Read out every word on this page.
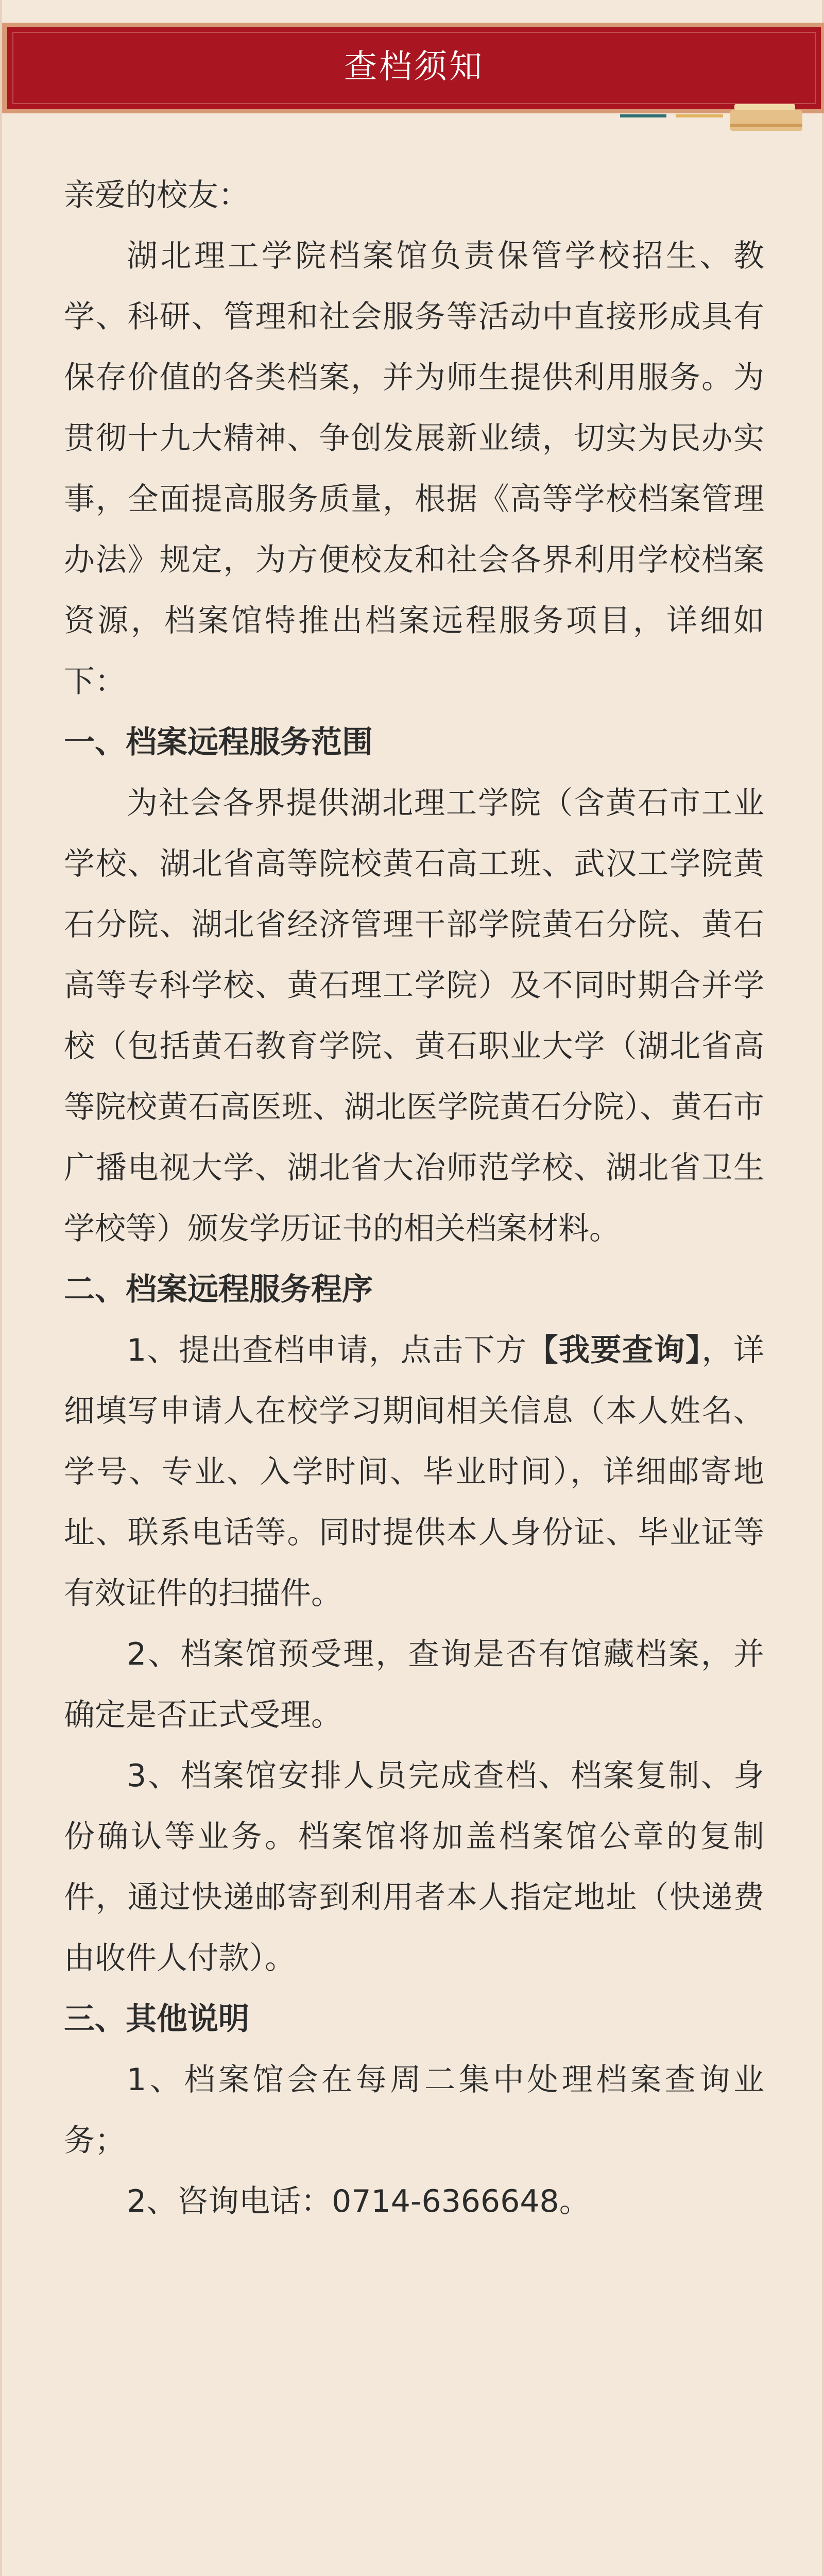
查档须知

亲爱的校友：

湖北理工学院档案馆负责保管学校招生、教学、科研、管理和社会服务等活动中直接形成具有保存价值的各类档案，并为师生提供利用服务。为贯彻十九大精神、争创发展新业绩，切实为民办实事，全面提高服务质量，根据《高等学校档案管理办法》规定，为方便校友和社会各界利用学校档案资源，档案馆特推出档案远程服务项目，详细如下：

一、档案远程服务范围

为社会各界提供湖北理工学院（含黄石市工业学校、湖北省高等院校黄石高工班、武汉工学院黄石分院、湖北省经济管理干部学院黄石分院、黄石高等专科学校、黄石理工学院）及不同时期合并学校（包括黄石教育学院、黄石职业大学（湖北省高等院校黄石高医班、湖北医学院黄石分院）、黄石市广播电视大学、湖北省大冶师范学校、湖北省卫生学校等）颁发学历证书的相关档案材料。

二、档案远程服务程序

1、提出查档申请，点击下方【我要查询】，详细填写申请人在校学习期间相关信息（本人姓名、学号、专业、入学时间、毕业时间），详细邮寄地址、联系电话等。同时提供本人身份证、毕业证等有效证件的扫描件。

2、档案馆预受理，查询是否有馆藏档案，并确定是否正式受理。

3、档案馆安排人员完成查档、档案复制、身份确认等业务。档案馆将加盖档案馆公章的复制件，通过快递邮寄到利用者本人指定地址（快递费由收件人付款）。

三、其他说明

1、档案馆会在每周二集中处理档案查询业务；

2、咨询电话：0714-6366648。
